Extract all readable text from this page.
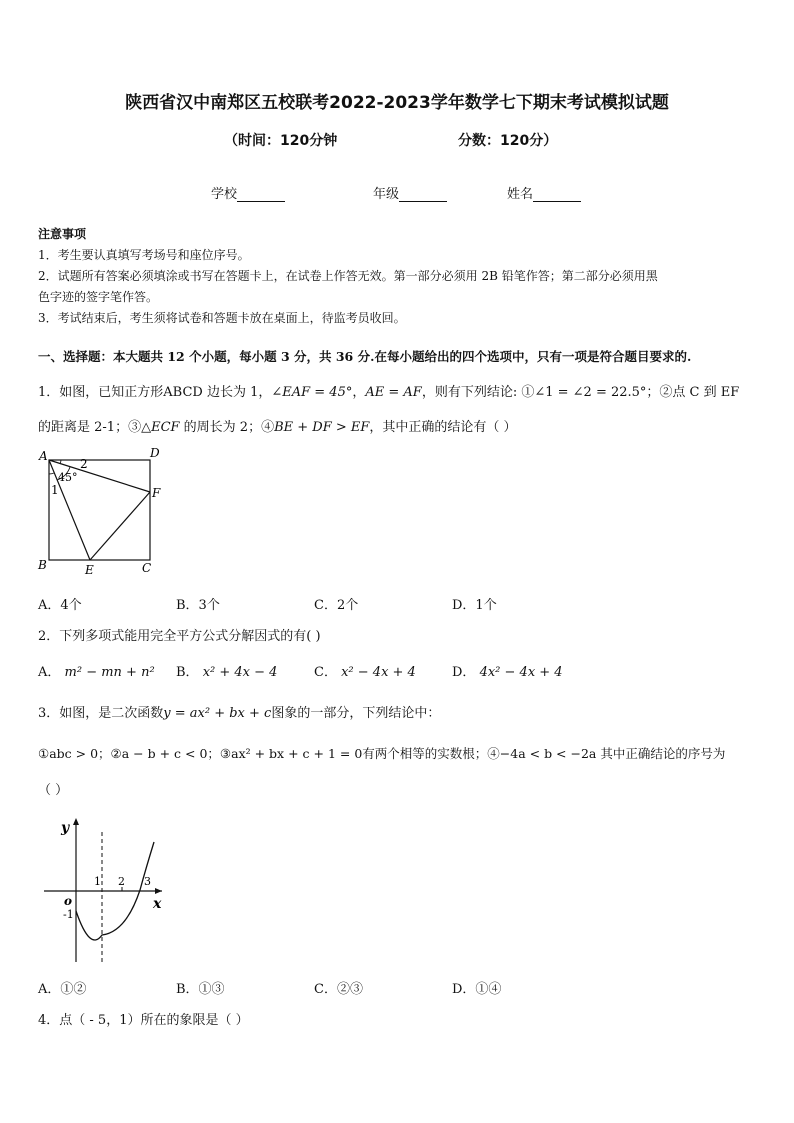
陕西省汉中南郑区五校联考2022-2023学年数学七下期末考试模拟试题
（时间：120分钟	分数：120分）
学校	年级	姓名
注意事项
1．考生要认真填写考场号和座位序号。
2．试题所有答案必须填涂或书写在答题卡上，在试卷上作答无效。第一部分必须用 2B 铅笔作答；第二部分必须用黑
色字迹的签字笔作答。
3．考试结束后，考生须将试卷和答题卡放在桌面上，待监考员收回。
一、选择题：本大题共 12 个小题，每小题 3 分，共 36 分.在每小题给出的四个选项中，只有一项是符合题目要求的.
1．如图，已知正方形ABCD 边长为 1，∠EAF = 45°，AE = AF，则有下列结论: ①∠1 = ∠2 = 22.5°；②点 C 到 EF
的距离是 2-1；③△ECF 的周长为 2；④BE + DF > EF，其中正确的结论有（ ）
A	D
B	E	C
F
2
45°
1
A．4个	B．3个	C．2个	D．1个
2．下列多项式能用完全平方公式分解因式的有( )
A． m² − mn + n² B． x² + 4x − 4	C． x² − 4x + 4	D． 4x² − 4x + 4
3．如图，是二次函数y = ax² + bx + c图象的一部分，下列结论中：
①abc > 0；②a − b + c < 0；③ax² + bx + c + 1 = 0有两个相等的实数根；④−4a < b < −2a 其中正确结论的序号为
（ ）
y
x
o
-1
1 2 3
A．①②	B．①③	C．②③	D．①④
4．点（ - 5，1）所在的象限是（ ）
